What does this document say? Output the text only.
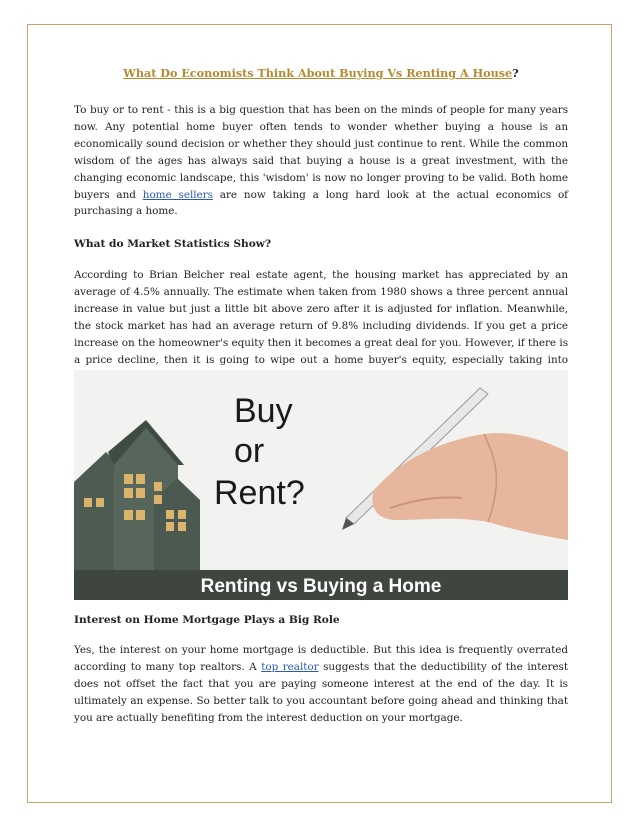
What Do Economists Think About Buying Vs Renting A House?

To buy or to rent - this is a big question that has been on the minds of people for many years now. Any potential home buyer often tends to wonder whether buying a house is an economically sound decision or whether they should just continue to rent. While the common wisdom of the ages has always said that buying a house is a great investment, with the changing economic landscape, this 'wisdom' is now no longer proving to be valid. Both home buyers and home sellers are now taking a long hard look at the actual economics of purchasing a home.

What do Market Statistics Show?

According to Brian Belcher real estate agent, the housing market has appreciated by an average of 4.5% annually. The estimate when taken from 1980 shows a three percent annual increase in value but just a little bit above zero after it is adjusted for inflation. Meanwhile, the stock market has had an average return of 9.8% including dividends. If you get a price increase on the homeowner's equity then it becomes a great deal for you. However, if there is a price decline, then it is going to wipe out a home buyer's equity, especially taking into

Buy
or
Rent?
Renting vs Buying a Home
Interest on Home Mortgage Plays a Big Role

Yes, the interest on your home mortgage is deductible. But this idea is frequently overrated according to many top realtors. A top realtor suggests that the deductibility of the interest does not offset the fact that you are paying someone interest at the end of the day. It is ultimately an expense. So better talk to you accountant before going ahead and thinking that you are actually benefiting from the interest deduction on your mortgage.
